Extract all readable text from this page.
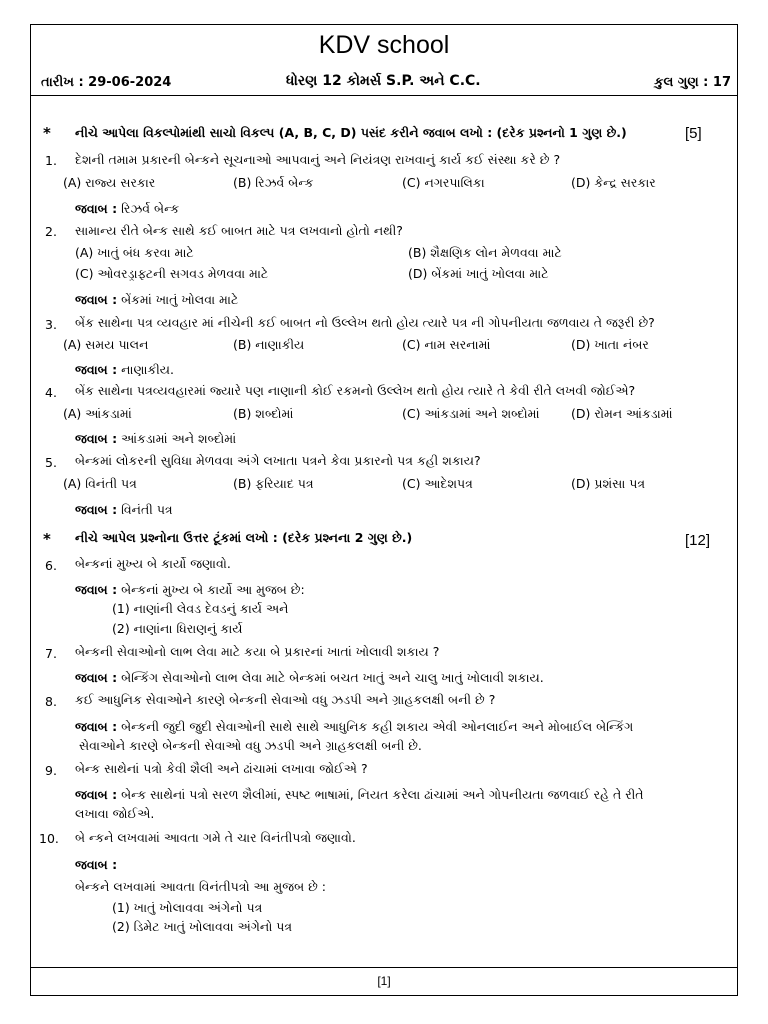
KDV school
તારીખ : 29-06-2024	ધોરણ 12 કોમર્સ S.P. અને C.C.	કુલ ગુણ : 17
* નીચે આપેલા વિકલ્પોમાંથી સાચો વિકલ્પ (A, B, C, D) પસંદ કરીને જવાબ લખો : (દરેક પ્રશ્નનો 1 ગુણ છે.)	[5]
1. દેશની તમામ પ્રકારની બેન્કને સૂચનાઓ આપવાનું અને નિયંત્રણ રાખવાનું કાર્ય કઈ સંસ્થા કરે છે ?
(A) રાજ્ય સરકાર	(B) રિઝર્વ બેન્ક	(C) નગરપાલિકા	(D) કેન્દ્ર સરકાર
જવાબ : રિઝર્વ બેન્ક
2. સામાન્ય રીતે બેન્ક સાથે કઈ બાબત માટે પત્ર લખવાનો હોતો નથી?
(A) ખાતું બંધ કરવા માટે	(B) શૈક્ષણિક લોન મેળવવા માટે
(C) ઓવરડ્રાફ્ટની સગવડ મેળવવા માટે	(D) બેંકમાં ખાતું ખોલવા માટે
જવાબ : બેંકમાં ખાતું ખોલવા માટે
3. બેંક સાથેના પત્ર વ્યવહાર માં નીચેની કઈ બાબત નો ઉલ્લેખ થતો હોય ત્યારે પત્ર ની ગોપનીયતા જળવાય તે જરૂરી છે?
(A) સમય પાલન	(B) નાણાકીય	(C) નામ સરનામાં	(D) ખાતા નંબર
જવાબ : નાણાકીય.
4. બેંક સાથેના પત્રવ્યવહારમાં જ્યારે પણ નાણાની કોઈ રકમનો ઉલ્લેખ થતો હોય ત્યારે તે કેવી રીતે લખવી જોઈએ?
(A) આંકડામાં	(B) શબ્દોમાં	(C) આંકડામાં અને શબ્દોમાં	(D) રોમન આંકડામાં
જવાબ : આંકડામાં અને શબ્દોમાં
5. બેન્કમાં લોકરની સુવિધા મેળવવા અંગે લખાતા પત્રને કેવા પ્રકારનો પત્ર કહી શકાય?
(A) વિનંતી પત્ર	(B) ફરિયાદ પત્ર	(C) આદેશપત્ર	(D) પ્રશંસા પત્ર
જવાબ : વિનંતી પત્ર
* નીચે આપેલ પ્રશ્નોના ઉત્તર ટૂંકમાં લખો : (દરેક પ્રશ્નના 2 ગુણ છે.)	[12]
6. બેન્કનાં મુખ્ય બે કાર્યો જણાવો.
જવાબ : બેન્કનાં મુખ્ય બે કાર્યો આ મુજબ છે:
(1) નાણાંની લેવડ દેવડનું કાર્ય અને
(2) નાણાંના ધિરાણનું કાર્ય
7. બેન્કની સેવાઓનો લાભ લેવા માટે કયા બે પ્રકારનાં ખાતાં ખોલાવી શકાય ?
જવાબ : બેન્કિંગ સેવાઓનો લાભ લેવા માટે બેન્કમાં બચત ખાતું અને ચાલુ ખાતું ખોલાવી શકાય.
8. કઈ આધુનિક સેવાઓને કારણે બેન્કની સેવાઓ વધુ ઝડપી અને ગ્રાહકલક્ષી બની છે ?
જવાબ : બેન્કની જુદી જુદી સેવાઓની સાથે સાથે આધુનિક કહી શકાય એવી ઓનલાઈન અને મોબાઈલ બેન્કિંગ
સેવાઓને કારણે બેન્કની સેવાઓ વધુ ઝડપી અને ગ્રાહકલક્ષી બની છે.
9. બેન્ક સાથેનાં પત્રો કેવી શૈલી અને ઢાંચામાં લખાવા જોઈએ ?
જવાબ : બેન્ક સાથેનાં પત્રો સરળ શૈલીમાં, સ્પષ્ટ ભાષામાં, નિયત કરેલા ઢાંચામાં અને ગોપનીયતા જળવાઈ રહે તે રીતે
લખાવા જોઈએ.
10. બે ન્કને લખવામાં આવતા ગમે તે ચાર વિનંતીપત્રો જણાવો.
જવાબ :
બેન્કને લખવામાં આવતા વિનંતીપત્રો આ મુજબ છે :
(1) ખાતું ખોલાવવા અંગેનો પત્ર
(2) ડિમેટ ખાતું ખોલાવવા અંગેનો પત્ર
[1]
